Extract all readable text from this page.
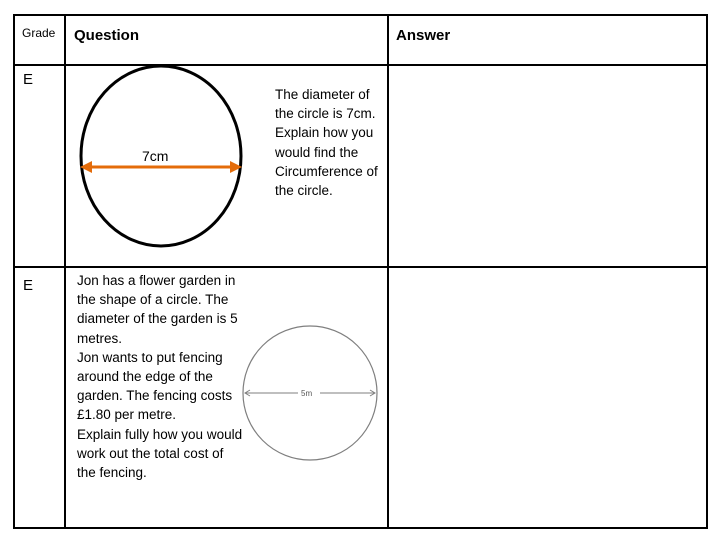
Grade Question	Answer
E
7cm
The diameter of the circle is 7cm. Explain how you would find the Circumference of the circle.
E	Jon has a flower garden in the shape of a circle. The diameter of the garden is 5 metres.
Jon wants to put fencing around the edge of the garden. The fencing costs £1.80 per metre.
Explain fully how you would work out the total cost of the fencing.
5m
